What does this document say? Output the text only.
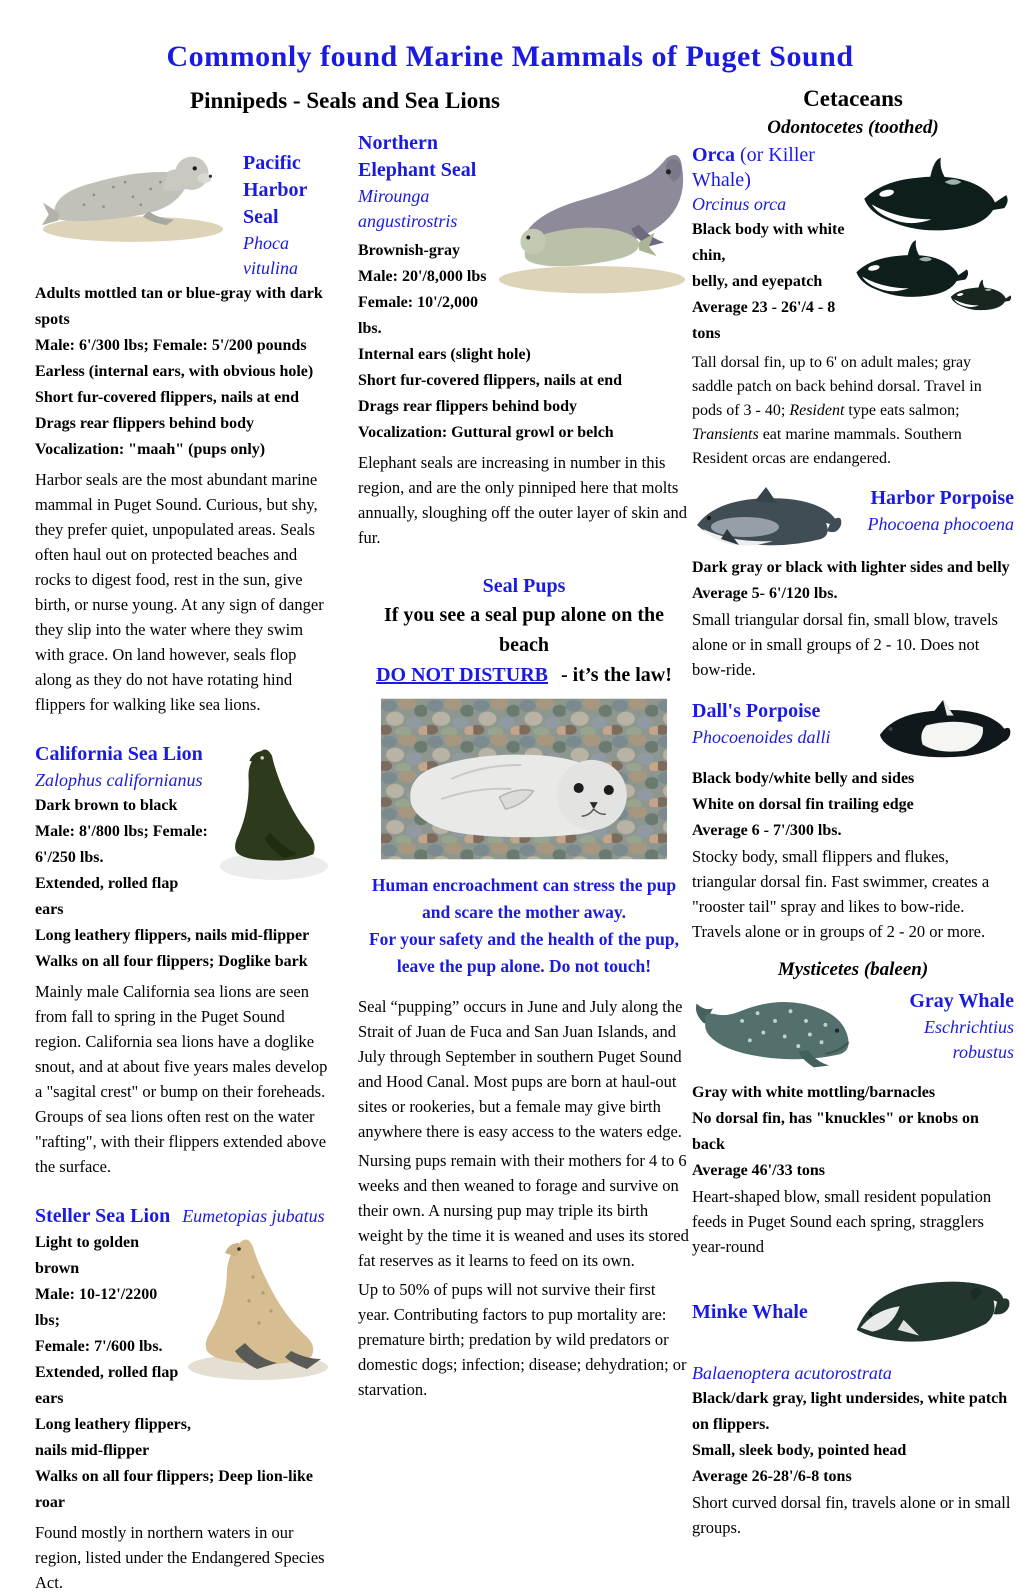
Commonly found Marine Mammals of Puget Sound
Pinnipeds - Seals and Sea Lions
Pacific
Harbor Seal
Phoca vitulina
Adults mottled tan or blue-gray with dark spots
Male: 6'/300 lbs; Female: 5'/200 pounds
Earless (internal ears, with obvious hole)
Short fur-covered flippers, nails at end
Drags rear flippers behind body
Vocalization: "maah" (pups only)

Harbor seals are the most abundant marine mammal in Puget Sound. Curious, but shy, they prefer quiet, unpopulated areas. Seals often haul out on protected beaches and rocks to digest food, rest in the sun, give birth, or nurse young. At any sign of danger they slip into the water where they swim with grace. On land however, seals flop along as they do not have rotating hind flippers for walking like sea lions.

California Sea Lion
Zalophus californianus
Dark brown to black
Male: 8'/800 lbs; Female: 6'/250 lbs.
Extended, rolled flap ears
Long leathery flippers, nails mid-flipper
Walks on all four flippers; Doglike bark

Mainly male California sea lions are seen from fall to spring in the Puget Sound region. California sea lions have a doglike snout, and at about five years males develop a "sagital crest" or bump on their foreheads. Groups of sea lions often rest on the water "rafting", with their flippers extended above the surface.

Steller Sea Lion Eumetopias jubatus
Light to golden brown
Male: 10-12'/2200 lbs;
Female: 7'/600 lbs.
Extended, rolled flap ears
Long leathery flippers,
nails mid-flipper
Walks on all four flippers; Deep lion-like roar

Found mostly in northern waters in our region, listed under the Endangered Species Act.

Northern Elephant Seal
Mirounga angustirostris
Brownish-gray
Male: 20'/8,000 lbs
Female: 10'/2,000 lbs.
Internal ears (slight hole)
Short fur-covered flippers, nails at end
Drags rear flippers behind body
Vocalization: Guttural growl or belch

Elephant seals are increasing in number in this region, and are the only pinniped here that molts annually, sloughing off the outer layer of skin and fur.

Seal Pups
If you see a seal pup alone on the beach
DO NOT DISTURB - it’s the law!
Human encroachment can stress the pup
and scare the mother away.
For your safety and the health of the pup,
leave the pup alone. Do not touch!

Seal “pupping” occurs in June and July along the Strait of Juan de Fuca and San Juan Islands, and July through September in southern Puget Sound and Hood Canal. Most pups are born at haul-out sites or rookeries, but a female may give birth anywhere there is easy access to the waters edge.

Nursing pups remain with their mothers for 4 to 6 weeks and then weaned to forage and survive on their own. A nursing pup may triple its birth weight by the time it is weaned and uses its stored fat reserves as it learns to feed on its own.

Up to 50% of pups will not survive their first year. Contributing factors to pup mortality are: premature birth; predation by wild predators or domestic dogs; infection; disease; dehydration; or starvation.

Cetaceans
Odontocetes (toothed)
Orca (or Killer Whale)
Orcinus orca
Black body with white chin,
belly, and eyepatch
Average 23 - 26'/4 - 8 tons

Tall dorsal fin, up to 6' on adult males; gray saddle patch on back behind dorsal. Travel in pods of 3 - 40; Resident type eats salmon; Transients eat marine mammals. Southern Resident orcas are endangered.

Harbor Porpoise
Phocoena phocoena
Dark gray or black with lighter sides and belly
Average 5- 6'/120 lbs.

Small triangular dorsal fin, small blow, travels alone or in small groups of 2 - 10. Does not bow-ride.

Dall's Porpoise
Phocoenoides dalli
Black body/white belly and sides
White on dorsal fin trailing edge
Average 6 - 7'/300 lbs.

Stocky body, small flippers and flukes, triangular dorsal fin. Fast swimmer, creates a "rooster tail" spray and likes to bow-ride. Travels alone or in groups of 2 - 20 or more.

Mysticetes (baleen)
Gray Whale
Eschrichtius robustus
Gray with white mottling/barnacles
No dorsal fin, has "knuckles" or knobs on back
Average 46'/33 tons

Heart-shaped blow, small resident population feeds in Puget Sound each spring, stragglers year-round

Minke Whale
Balaenoptera acutorostrata
Black/dark gray, light undersides, white patch on flippers.
Small, sleek body, pointed head
Average 26-28'/6-8 tons

Short curved dorsal fin, travels alone or in small groups.
